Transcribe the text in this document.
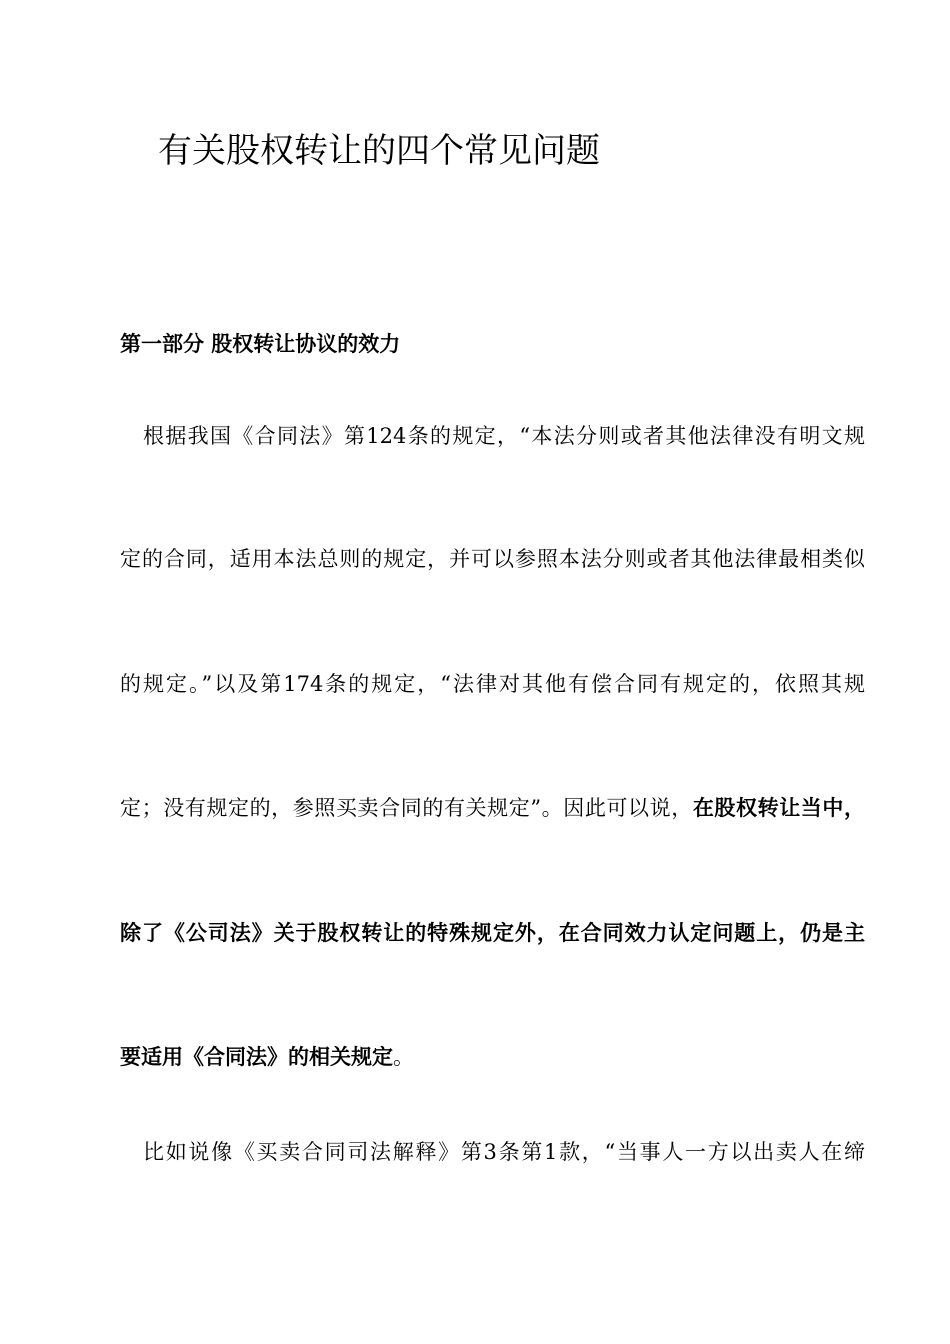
有关股权转让的四个常见问题
第一部分 股权转让协议的效力
根据我国《合同法》第124条的规定，“本法分则或者其他法律没有明文规
定的合同，适用本法总则的规定，并可以参照本法分则或者其他法律最相类似
的规定。”以及第174条的规定，“法律对其他有偿合同有规定的，依照其规
定；没有规定的，参照买卖合同的有关规定”。因此可以说，在股权转让当中，
除了《公司法》关于股权转让的特殊规定外，在合同效力认定问题上，仍是主
要适用《合同法》的相关规定。
比如说像《买卖合同司法解释》第3条第1款，“当事人一方以出卖人在缔
